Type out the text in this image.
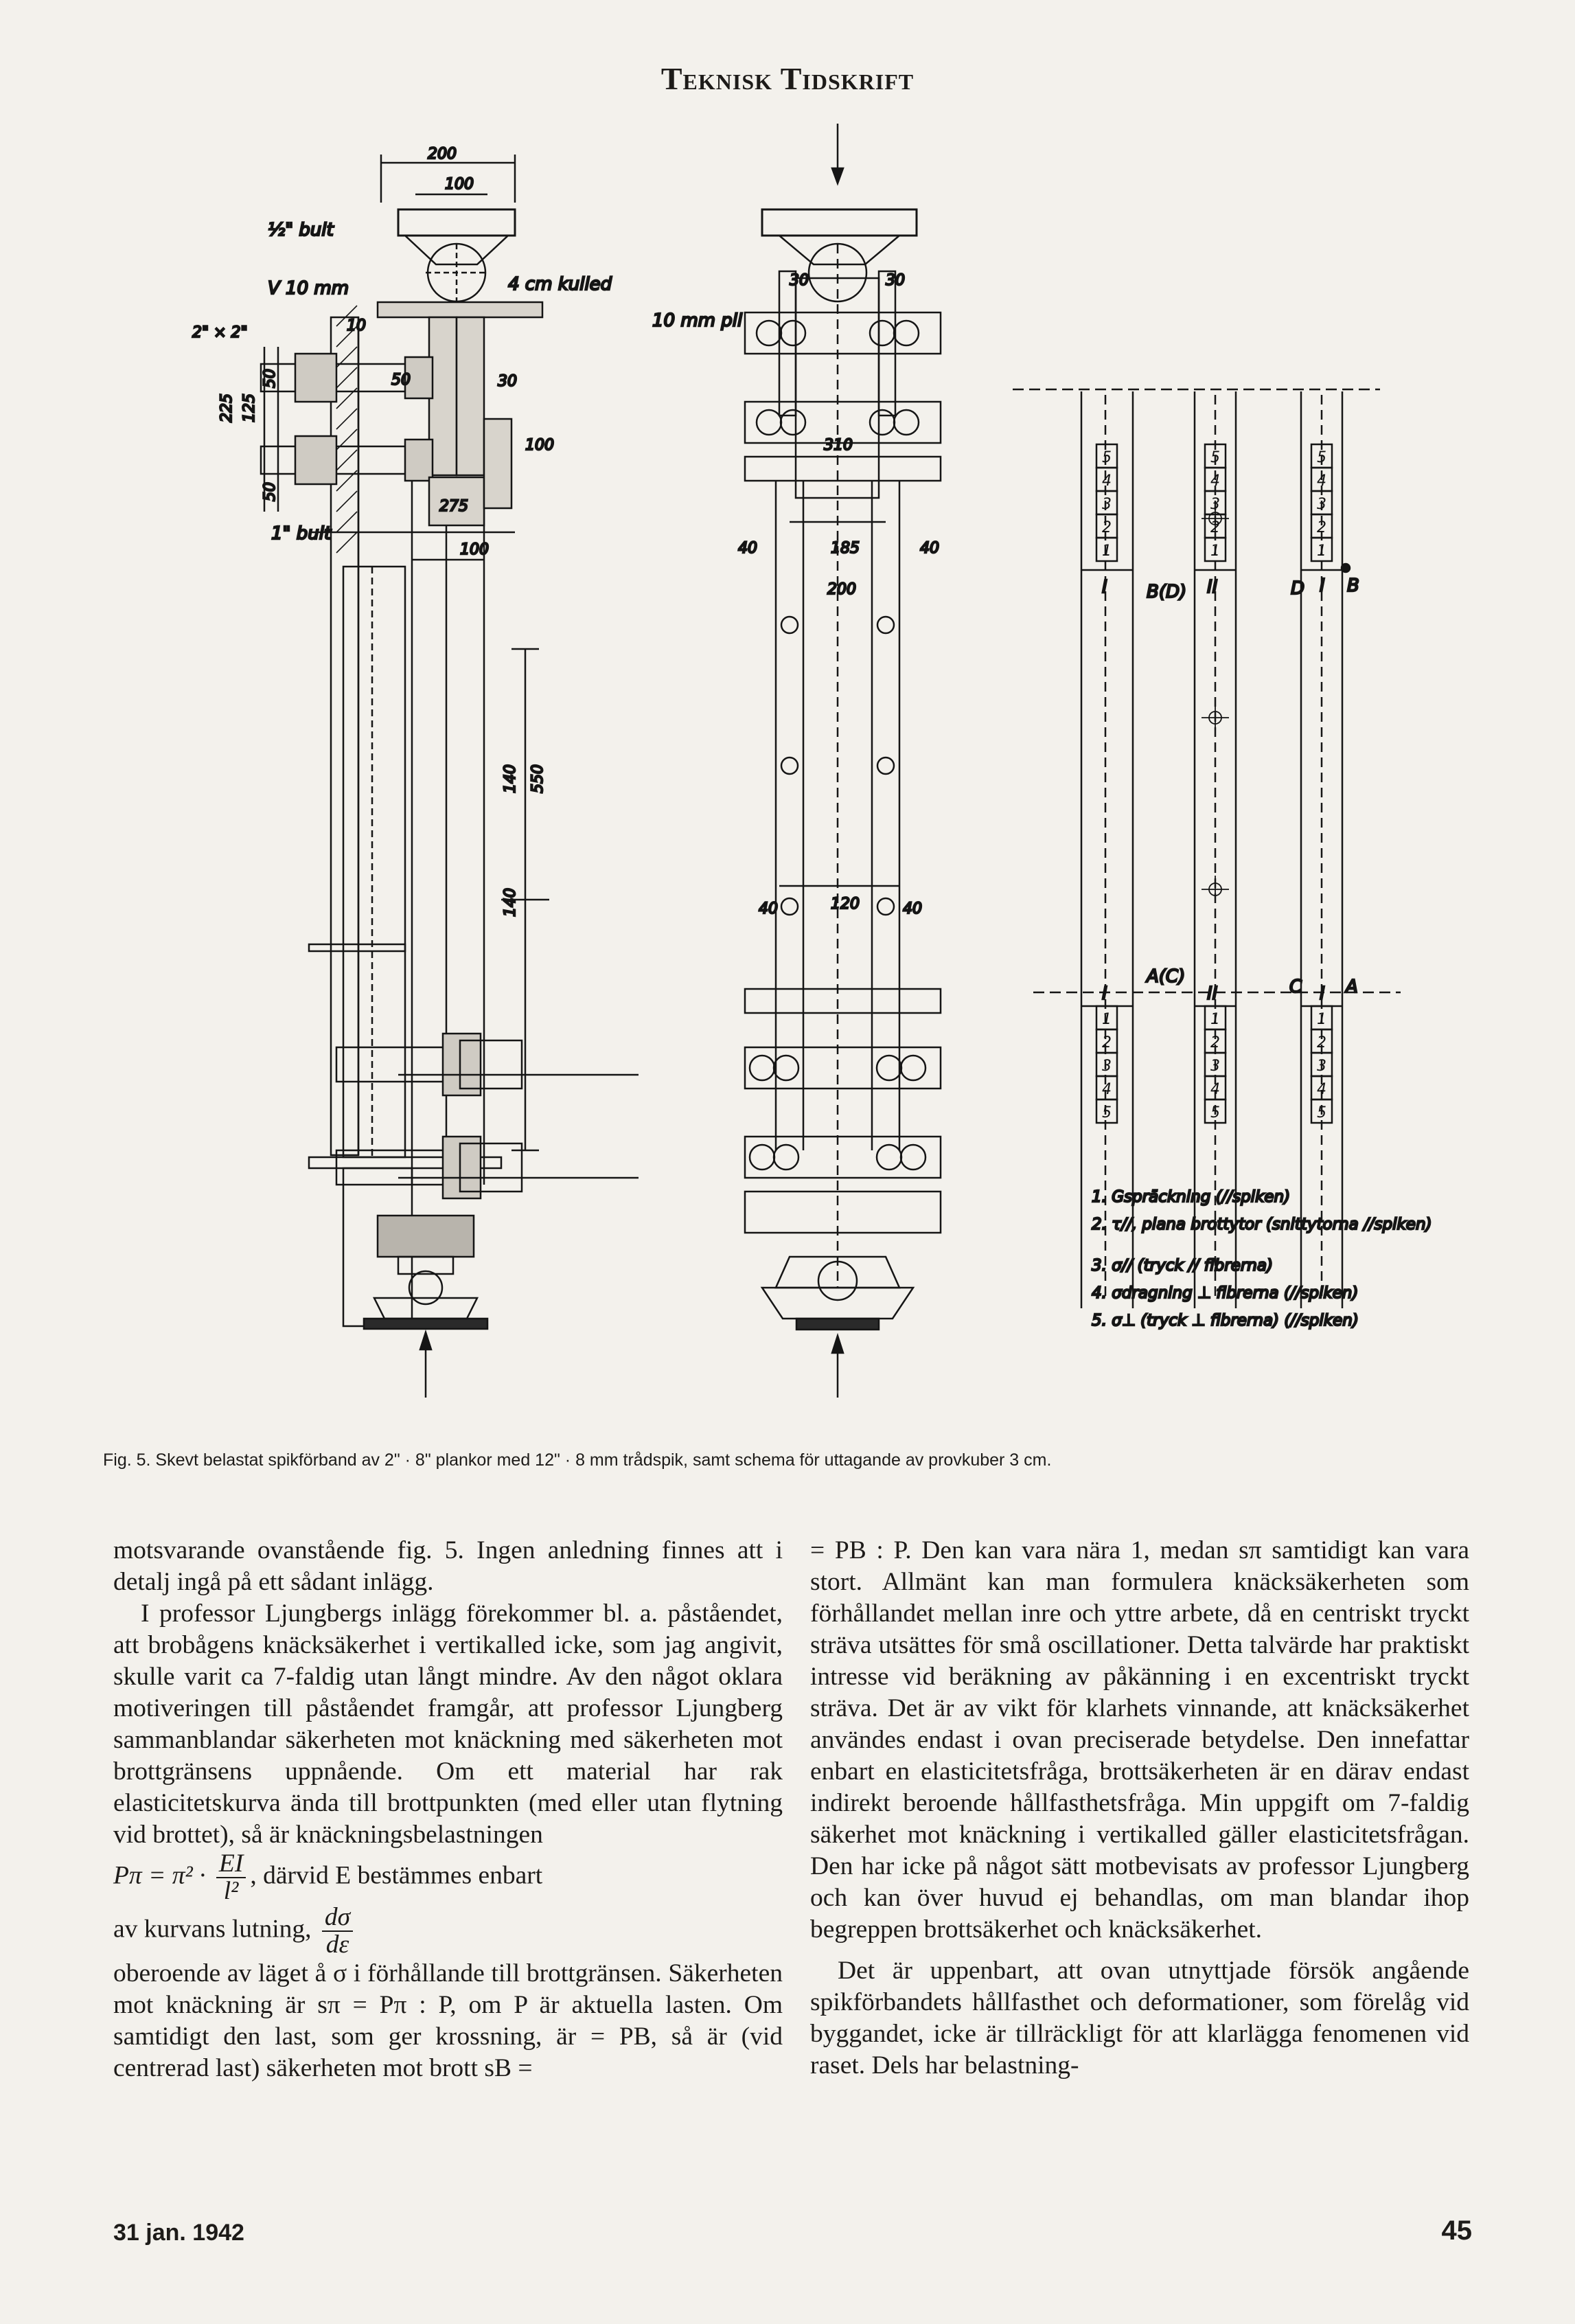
Teknisk Tidskrift
200
100
½" bult
V 10 mm	4 cm kulled
2" × 2"	10
50	30
100
275
100
1" bult
225 125
50
50
140 550
140
30	30
10 mm pil
310
40	185	40
200
40	120	40
5
4
3
2
1
5
4
3
2
1
5
4
3
2
1
1
2
3
4
5
1
2
3
4
5
1
2
3
4
5
I	II
B(D)	D I B
I
A(C)
II	C I A
1. Gspräckning (//spiken)
2. τ//, plana brottytor (snittytorna //spiken)
3. σ// (tryck // fibrerna)
4. σdragning ⊥ fibrerna (//spiken)
5. σ⊥ (tryck ⊥ fibrerna) (//spiken)
Fig. 5. Skevt belastat spikförband av 2" · 8" plankor med 12" · 8 mm trådspik, samt schema för uttagande av provkuber 3 cm.

motsvarande ovanstående fig. 5. Ingen anledning finnes att i detalj ingå på ett sådant inlägg.

I professor Ljungbergs inlägg förekommer bl. a. påståendet, att brobågens knäcksäkerhet i vertikalled icke, som jag angivit, skulle varit ca 7-faldig utan långt mindre. Av den något oklara motiveringen till påståendet framgår, att professor Ljungberg sammanblandar säkerheten mot knäckning med säkerheten mot brottgränsens uppnående. Om ett material har rak elasticitetskurva ända till brottpunkten (med eller utan flytning vid brottet), så är knäckningsbelastningen

$P\pi = \pi^2 \cdot \frac{EI}{\text{l²}}$ , därvid E bestämmes enbart

av kurvans lutning, $\frac{d\sigma}{d\varepsilon}$

oberoende av läget å σ i förhållande till brottgränsen. Säkerheten mot knäckning är sπ = Pπ : P, om P är aktuella lasten. Om samtidigt den last, som ger krossning, är = PB, så är (vid centrerad last) säkerheten mot brott sB =

= PB : P. Den kan vara nära 1, medan sπ samtidigt kan vara stort. Allmänt kan man formulera knäcksäkerheten som förhållandet mellan inre och yttre arbete, då en centriskt tryckt sträva utsättes för små oscillationer. Detta talvärde har praktiskt intresse vid beräkning av påkänning i en excentriskt tryckt sträva. Det är av vikt för klarhets vinnande, att knäcksäkerhet användes endast i ovan preciserade betydelse. Den innefattar enbart en elasticitetsfråga, brottsäkerheten är en därav endast indirekt beroende hållfasthetsfråga. Min uppgift om 7-faldig säkerhet mot knäckning i vertikalled gäller elasticitetsfrågan. Den har icke på något sätt motbevisats av professor Ljungberg och kan över huvud ej behandlas, om man blandar ihop begreppen brottsäkerhet och knäcksäkerhet.

Det är uppenbart, att ovan utnyttjade försök angående spikförbandets hållfasthet och deformationer, som förelåg vid byggandet, icke är tillräckligt för att klarlägga fenomenen vid raset. Dels har belastning-

31 jan. 1942	45
